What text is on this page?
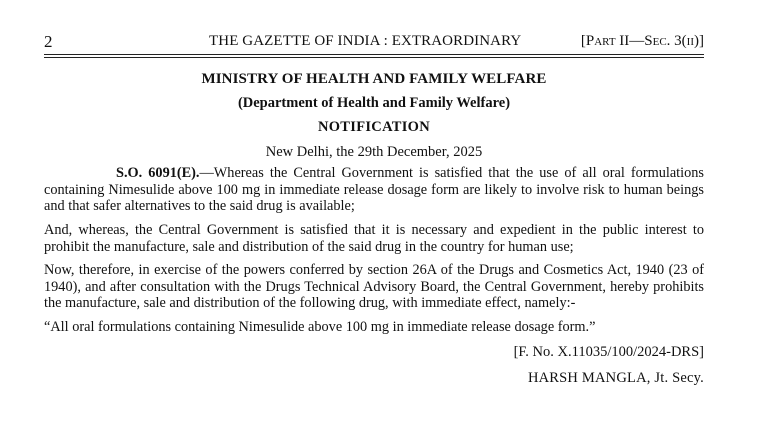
2	THE GAZETTE OF INDIA : EXTRAORDINARY	[Part II—Sec. 3(ii)]
MINISTRY OF HEALTH AND FAMILY WELFARE
(Department of Health and Family Welfare)
NOTIFICATION
New Delhi, the 29th December, 2025

S.O. 6091(E).—Whereas the Central Government is satisfied that the use of all oral formulations containing Nimesulide above 100 mg in immediate release dosage form are likely to involve risk to human beings and that safer alternatives to the said drug is available;

And, whereas, the Central Government is satisfied that it is necessary and expedient in the public interest to prohibit the manufacture, sale and distribution of the said drug in the country for human use;

Now, therefore, in exercise of the powers conferred by section 26A of the Drugs and Cosmetics Act, 1940 (23 of 1940), and after consultation with the Drugs Technical Advisory Board, the Central Government, hereby prohibits the manufacture, sale and distribution of the following drug, with immediate effect, namely:-

“All oral formulations containing Nimesulide above 100 mg in immediate release dosage form.”

[F. No. X.11035/100/2024-DRS]
HARSH MANGLA, Jt. Secy.
